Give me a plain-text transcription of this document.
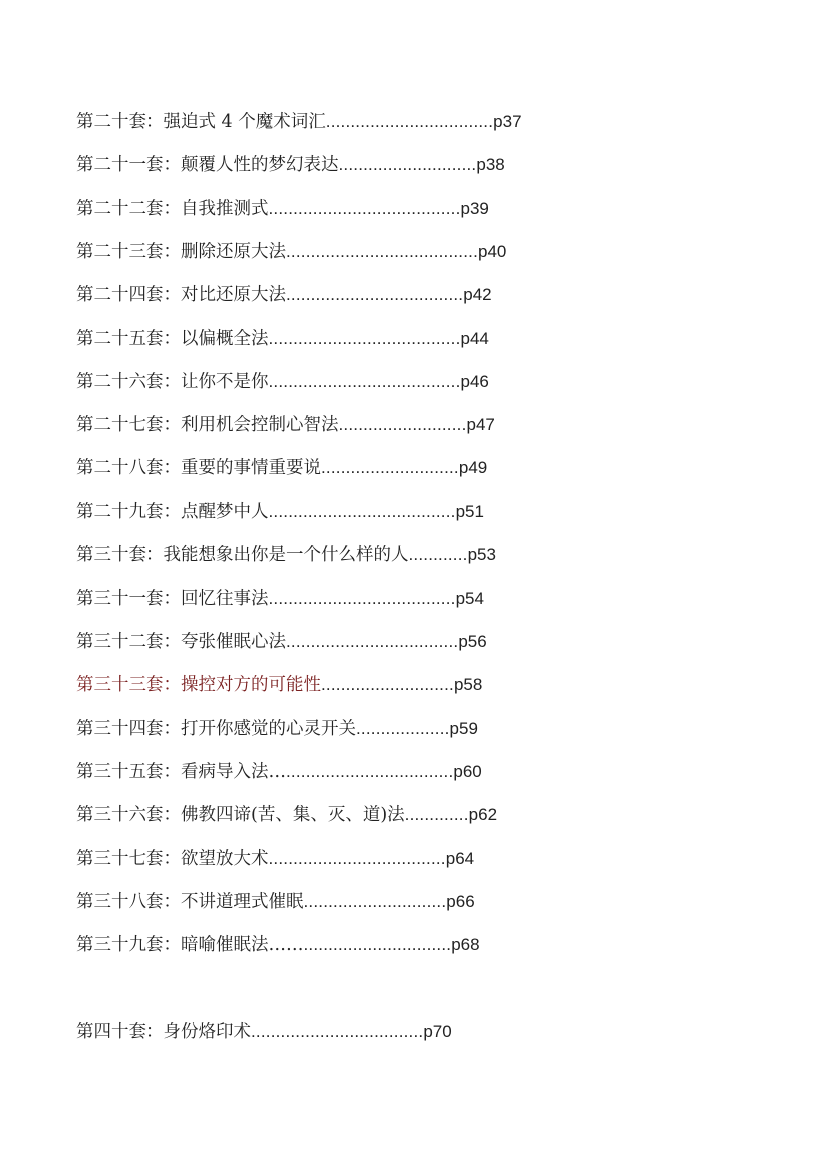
第二十套：强迫式 4 个魔术词汇 .................................. p37
第二十一套：颠覆人性的梦幻表达 ............................ p38
第二十二套：自我推测式 ....................................... p39
第二十三套：删除还原大法 ....................................... p40
第二十四套：对比还原大法 .................................... p42
第二十五套：以偏概全法 ....................................... p44
第二十六套：让你不是你 ....................................... p46
第二十七套：利用机会控制心智法 .......................... p47
第二十八套：重要的事情重要说 ............................ p49
第二十九套：点醒梦中人 ...................................... p51
第三十套：我能想象出你是一个什么样的人 ............ p53
第三十一套：回忆往事法 ...................................... p54
第三十二套：夸张催眠心法 ................................... p56
第三十三套：操控对方的可能性 ........................... p58
第三十四套：打开你感觉的心灵开关 ................... p59
第三十五套：看病导入法… .................................. p60
第三十六套：佛教四谛(苦、集、灭、道)法 ............. p62
第三十七套：欲望放大术 .................................... p64
第三十八套：不讲道理式催眠 ............................. p66
第三十九套：暗喻催眠法…… .............................. p68
第四十套：身份烙印术 ................................... p70
